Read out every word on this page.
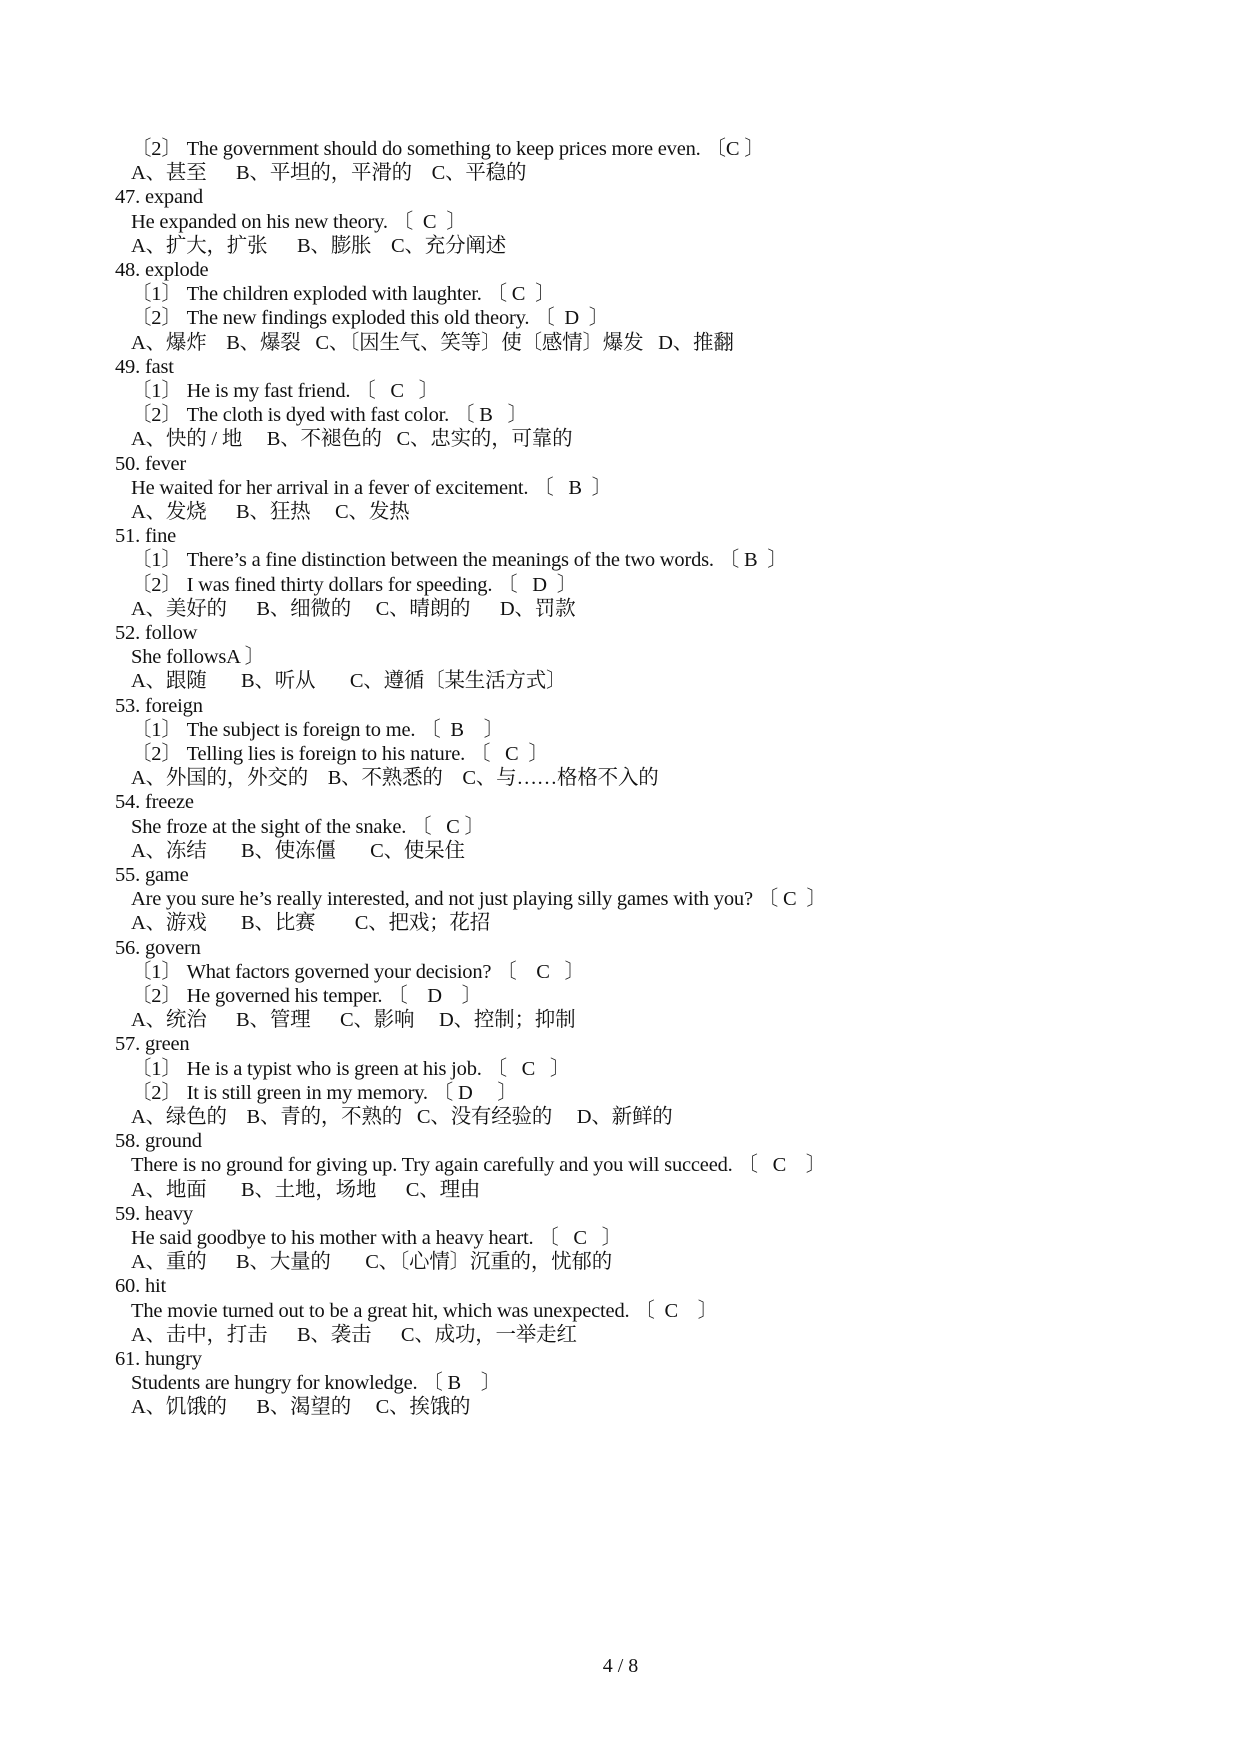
〔2〕 The government should do something to keep prices more even. 〔C 〕
A、甚至      B、平坦的，平滑的    C、平稳的
47. expand
He expanded on his new theory. 〔  C  〕
A、扩大，扩张      B、膨胀    C、充分阐述
48. explode
〔1〕 The children exploded with laughter. 〔 C  〕
〔2〕 The new findings exploded this old theory. 〔  D  〕
A、爆炸    B、爆裂   C、〔因生气、笑等〕使〔感情〕爆发   D、推翻
49. fast
〔1〕 He is my fast friend. 〔   C   〕
〔2〕 The cloth is dyed with fast color. 〔 B   〕
A、快的 / 地     B、不褪色的   C、忠实的，可靠的
50. fever
He waited for her arrival in a fever of excitement. 〔   B  〕
A、发烧      B、狂热     C、发热
51. fine
〔1〕 There’s a fine distinction between the meanings of the two words. 〔 B  〕
〔2〕 I was fined thirty dollars for speeding. 〔   D  〕
A、美好的      B、细微的     C、晴朗的      D、罚款
52. follow
She followsA 〕
A、跟随       B、听从       C、遵循〔某生活方式〕
53. foreign
〔1〕 The subject is foreign to me. 〔  B    〕
〔2〕 Telling lies is foreign to his nature. 〔   C  〕
A、外国的，外交的    B、不熟悉的    C、与……格格不入的
54. freeze
She froze at the sight of the snake. 〔   C 〕
A、冻结       B、使冻僵       C、使呆住
55. game
Are you sure he’s really interested, and not just playing silly games with you? 〔 C  〕
A、游戏       B、比赛        C、把戏；花招
56. govern
〔1〕 What factors governed your decision? 〔    C   〕
〔2〕 He governed his temper. 〔    D    〕
A、统治      B、管理      C、影响     D、控制；抑制
57. green
〔1〕 He is a typist who is green at his job. 〔   C   〕
〔2〕 It is still green in my memory. 〔 D     〕
A、绿色的    B、青的，不熟的   C、没有经验的     D、新鲜的
58. ground
There is no ground for giving up. Try again carefully and you will succeed. 〔   C    〕
A、地面       B、土地，场地      C、理由
59. heavy
He said goodbye to his mother with a heavy heart. 〔   C   〕
A、重的      B、大量的       C、〔心情〕沉重的，忧郁的
60. hit
The movie turned out to be a great hit, which was unexpected. 〔  C    〕
A、击中，打击      B、袭击      C、成功，一举走红
61. hungry
Students are hungry for knowledge. 〔 B    〕
A、饥饿的      B、渴望的     C、挨饿的
4 / 8
